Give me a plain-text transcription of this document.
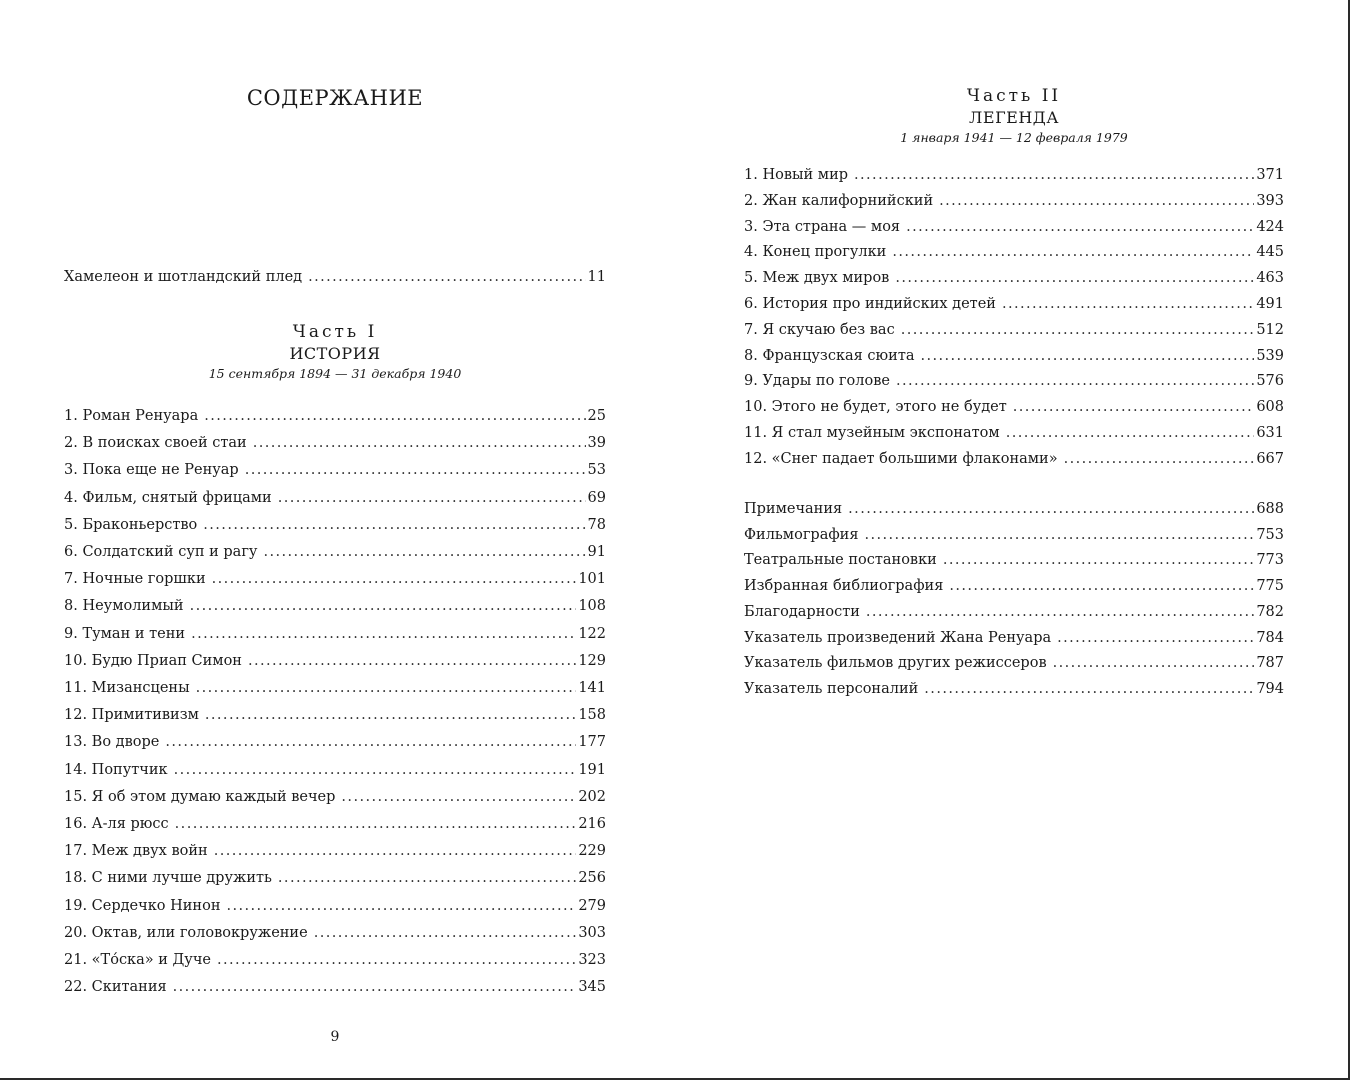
СОДЕРЖАНИЕ
Хамелеон и шотландский плед .....	11
Часть I
ИСТОРИЯ
15 сентября 1894 — 31 декабря 1940
1. Роман Ренуара .....	25
2. В поисках своей стаи .....	39
3. Пока еще не Ренуар .....	53
4. Фильм, снятый фрицами .....	69
5. Браконьерство .....	78
6. Солдатский суп и рагу .....	91
7. Ночные горшки .....	101
8. Неумолимый .....	108
9. Туман и тени .....	122
10. Будю Приап Симон .....	129
11. Мизансцены .....	141
12. Примитивизм .....	158
13. Во дворе .....	177
14. Попутчик .....	191
15. Я об этом думаю каждый вечер .....	202
16. А-ля рюсс .....	216
17. Меж двух войн .....	229
18. С ними лучше дружить .....	256
19. Сердечко Нинон .....	279
20. Октав, или головокружение .....	303
21. «То́ска» и Дуче .....	323
22. Скитания .....	345
9
Часть II
ЛЕГЕНДА
1 января 1941 — 12 февраля 1979
1. Новый мир .....	371
2. Жан калифорнийский .....	393
3. Эта страна — моя .....	424
4. Конец прогулки .....	445
5. Меж двух миров .....	463
6. История про индийских детей .....	491
7. Я скучаю без вас .....	512
8. Французская сюита .....	539
9. Удары по голове .....	576
10. Этого не будет, этого не будет .....	608
11. Я стал музейным экспонатом .....	631
12. «Снег падает большими флаконами» .....	667
Примечания .....	688
Фильмография .....	753
Театральные постановки .....	773
Избранная библиография .....	775
Благодарности .....	782
Указатель произведений Жана Ренуара .....	784
Указатель фильмов других режиссеров .....	787
Указатель персоналий .....	794
